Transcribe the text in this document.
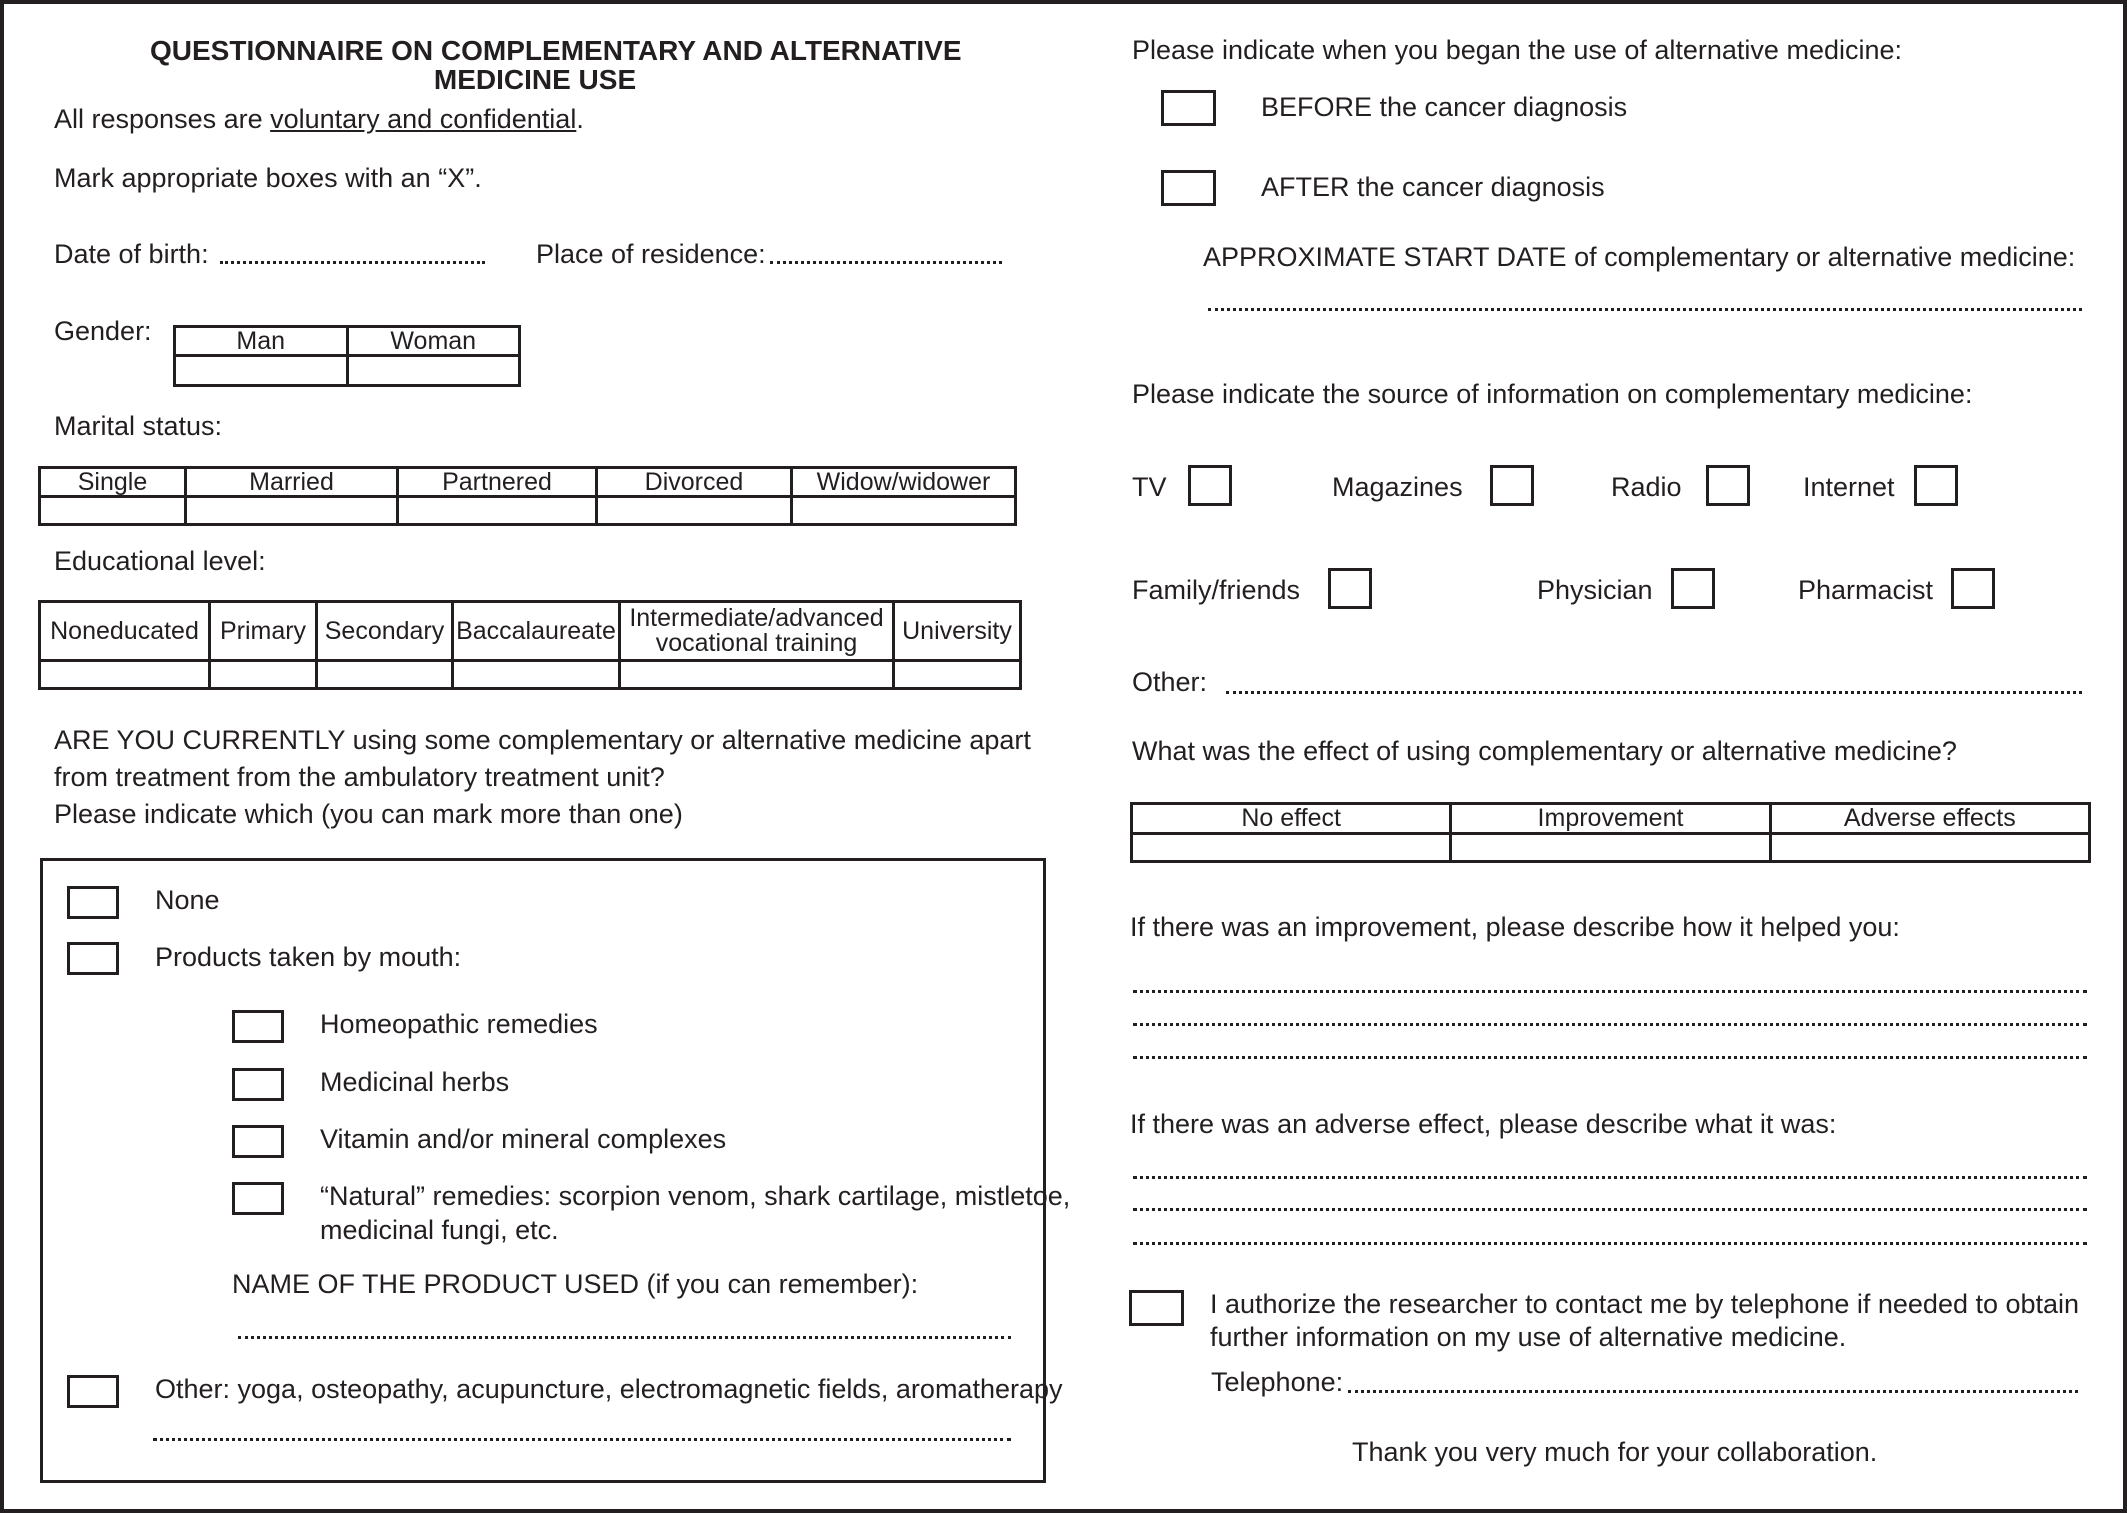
QUESTIONNAIRE ON COMPLEMENTARY AND ALTERNATIVE
MEDICINE USE
All responses are voluntary and confidential.
Mark appropriate boxes with an “X”.
Date of birth:	Place of residence:
Gender:	Man	Woman

Marital status:
Single	Married	Partnered	Divorced	Widow/widower

Educational level:
Noneducated	Primary	Secondary	Baccalaureate	Intermediate/advanced vocational training	University

ARE YOU CURRENTLY using some complementary or alternative medicine apart
from treatment from the ambulatory treatment unit?
Please indicate which (you can mark more than one)
None
Products taken by mouth:
Homeopathic remedies
Medicinal herbs
Vitamin and/or mineral complexes
“Natural” remedies: scorpion venom, shark cartilage, mistletoe,
medicinal fungi, etc.
NAME OF THE PRODUCT USED (if you can remember):
Other: yoga, osteopathy, acupuncture, electromagnetic fields, aromatherapy
Please indicate when you began the use of alternative medicine:
BEFORE the cancer diagnosis
AFTER the cancer diagnosis
APPROXIMATE START DATE of complementary or alternative medicine:
Please indicate the source of information on complementary medicine:
TV	Magazines	Radio	Internet
Family/friends	Physician	Pharmacist
Other:
What was the effect of using complementary or alternative medicine?
No effect	Improvement	Adverse effects

If there was an improvement, please describe how it helped you:
If there was an adverse effect, please describe what it was:
I authorize the researcher to contact me by telephone if needed to obtain
further information on my use of alternative medicine.
Telephone:
Thank you very much for your collaboration.
